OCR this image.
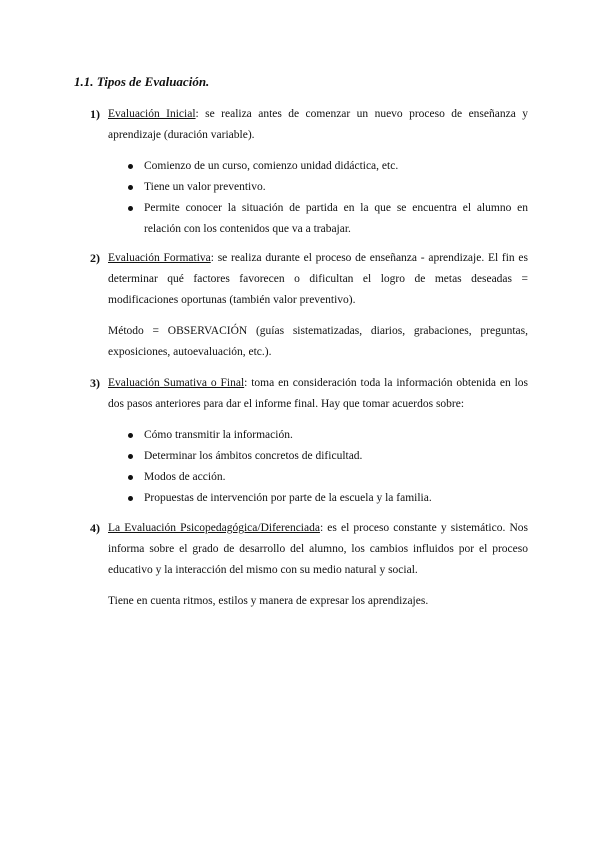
1.1. Tipos de Evaluación.
1) Evaluación Inicial: se realiza antes de comenzar un nuevo proceso de enseñanza y aprendizaje (duración variable).

Comienzo de un curso, comienzo unidad didáctica, etc.
Tiene un valor preventivo.
Permite conocer la situación de partida en la que se encuentra el alumno en relación con los contenidos que va a trabajar.
2) Evaluación Formativa: se realiza durante el proceso de enseñanza - aprendizaje. El fin es determinar qué factores favorecen o dificultan el logro de metas deseadas = modificaciones oportunas (también valor preventivo).

Método = OBSERVACIÓN (guías sistematizadas, diarios, grabaciones, preguntas, exposiciones, autoevaluación, etc.).

3) Evaluación Sumativa o Final: toma en consideración toda la información obtenida en los dos pasos anteriores para dar el informe final. Hay que tomar acuerdos sobre:

Cómo transmitir la información.
Determinar los ámbitos concretos de dificultad.
Modos de acción.
Propuestas de intervención por parte de la escuela y la familia.
4) La Evaluación Psicopedagógica/Diferenciada: es el proceso constante y sistemático. Nos informa sobre el grado de desarrollo del alumno, los cambios influidos por el proceso educativo y la interacción del mismo con su medio natural y social.

Tiene en cuenta ritmos, estilos y manera de expresar los aprendizajes.
